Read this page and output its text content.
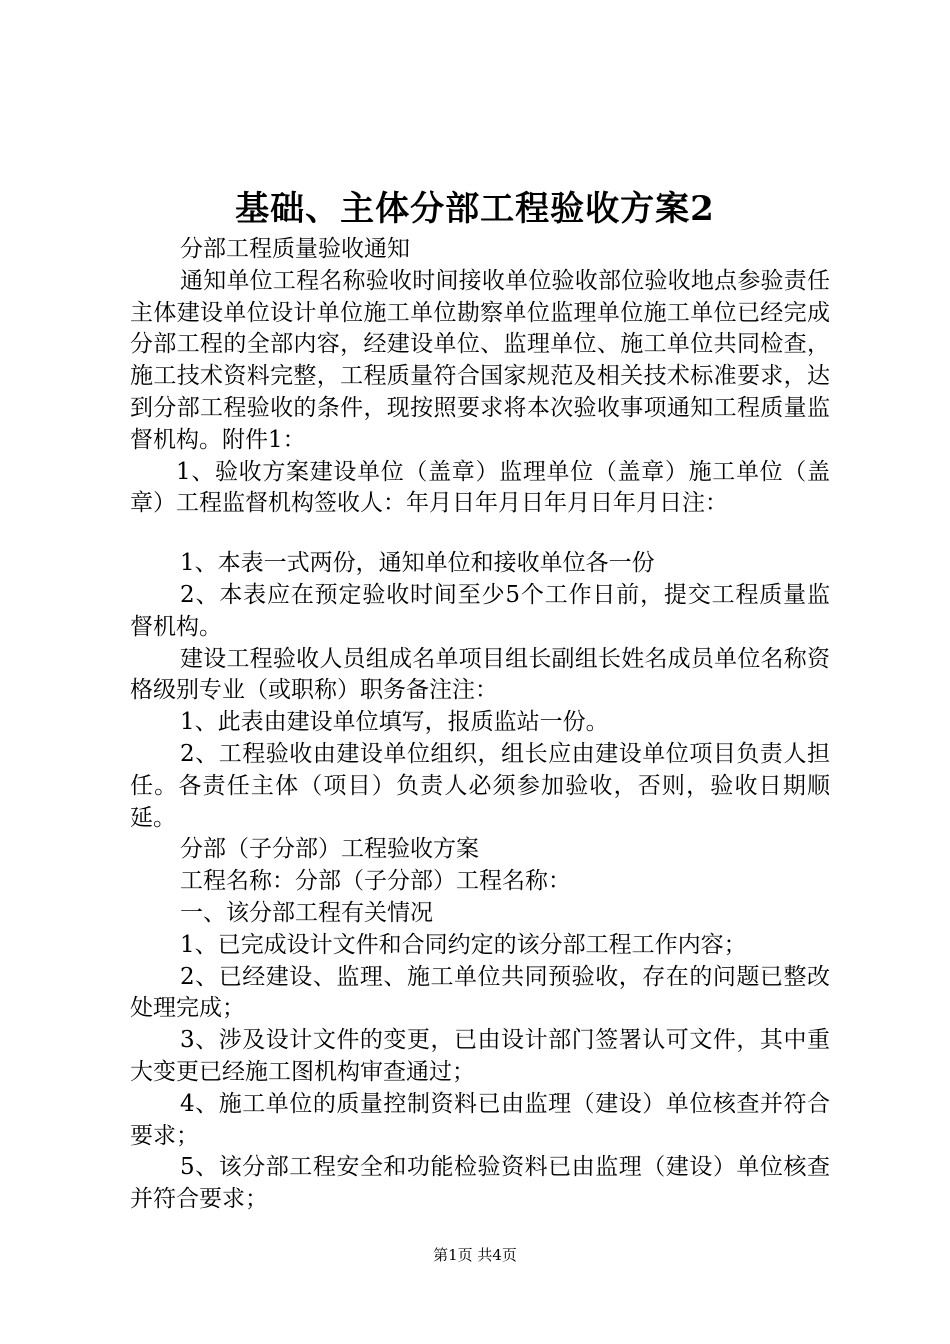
基础、主体分部工程验收方案2

分部工程质量验收通知

通知单位工程名称验收时间接收单位验收部位验收地点参验责任主体建设单位设计单位施工单位勘察单位监理单位施工单位已经完成分部工程的全部内容，经建设单位、监理单位、施工单位共同检查，施工技术资料完整，工程质量符合国家规范及相关技术标准要求，达到分部工程验收的条件，现按照要求将本次验收事项通知工程质量监督机构。附件1：

1、验收方案建设单位（盖章）监理单位（盖章）施工单位（盖章）工程监督机构签收人：年月日年月日年月日年月日注：

1、本表一式两份，通知单位和接收单位各一份

2、本表应在预定验收时间至少5个工作日前，提交工程质量监督机构。

建设工程验收人员组成名单项目组长副组长姓名成员单位名称资格级别专业（或职称）职务备注注：

1、此表由建设单位填写，报质监站一份。

2、工程验收由建设单位组织，组长应由建设单位项目负责人担任。各责任主体（项目）负责人必须参加验收，否则，验收日期顺延。

分部（子分部）工程验收方案

工程名称：分部（子分部）工程名称：

一、该分部工程有关情况

1、已完成设计文件和合同约定的该分部工程工作内容；

2、已经建设、监理、施工单位共同预验收，存在的问题已整改处理完成；

3、涉及设计文件的变更，已由设计部门签署认可文件，其中重大变更已经施工图机构审查通过；

4、施工单位的质量控制资料已由监理（建设）单位核查并符合要求；

5、该分部工程安全和功能检验资料已由监理（建设）单位核查并符合要求；

第1页 共4页
